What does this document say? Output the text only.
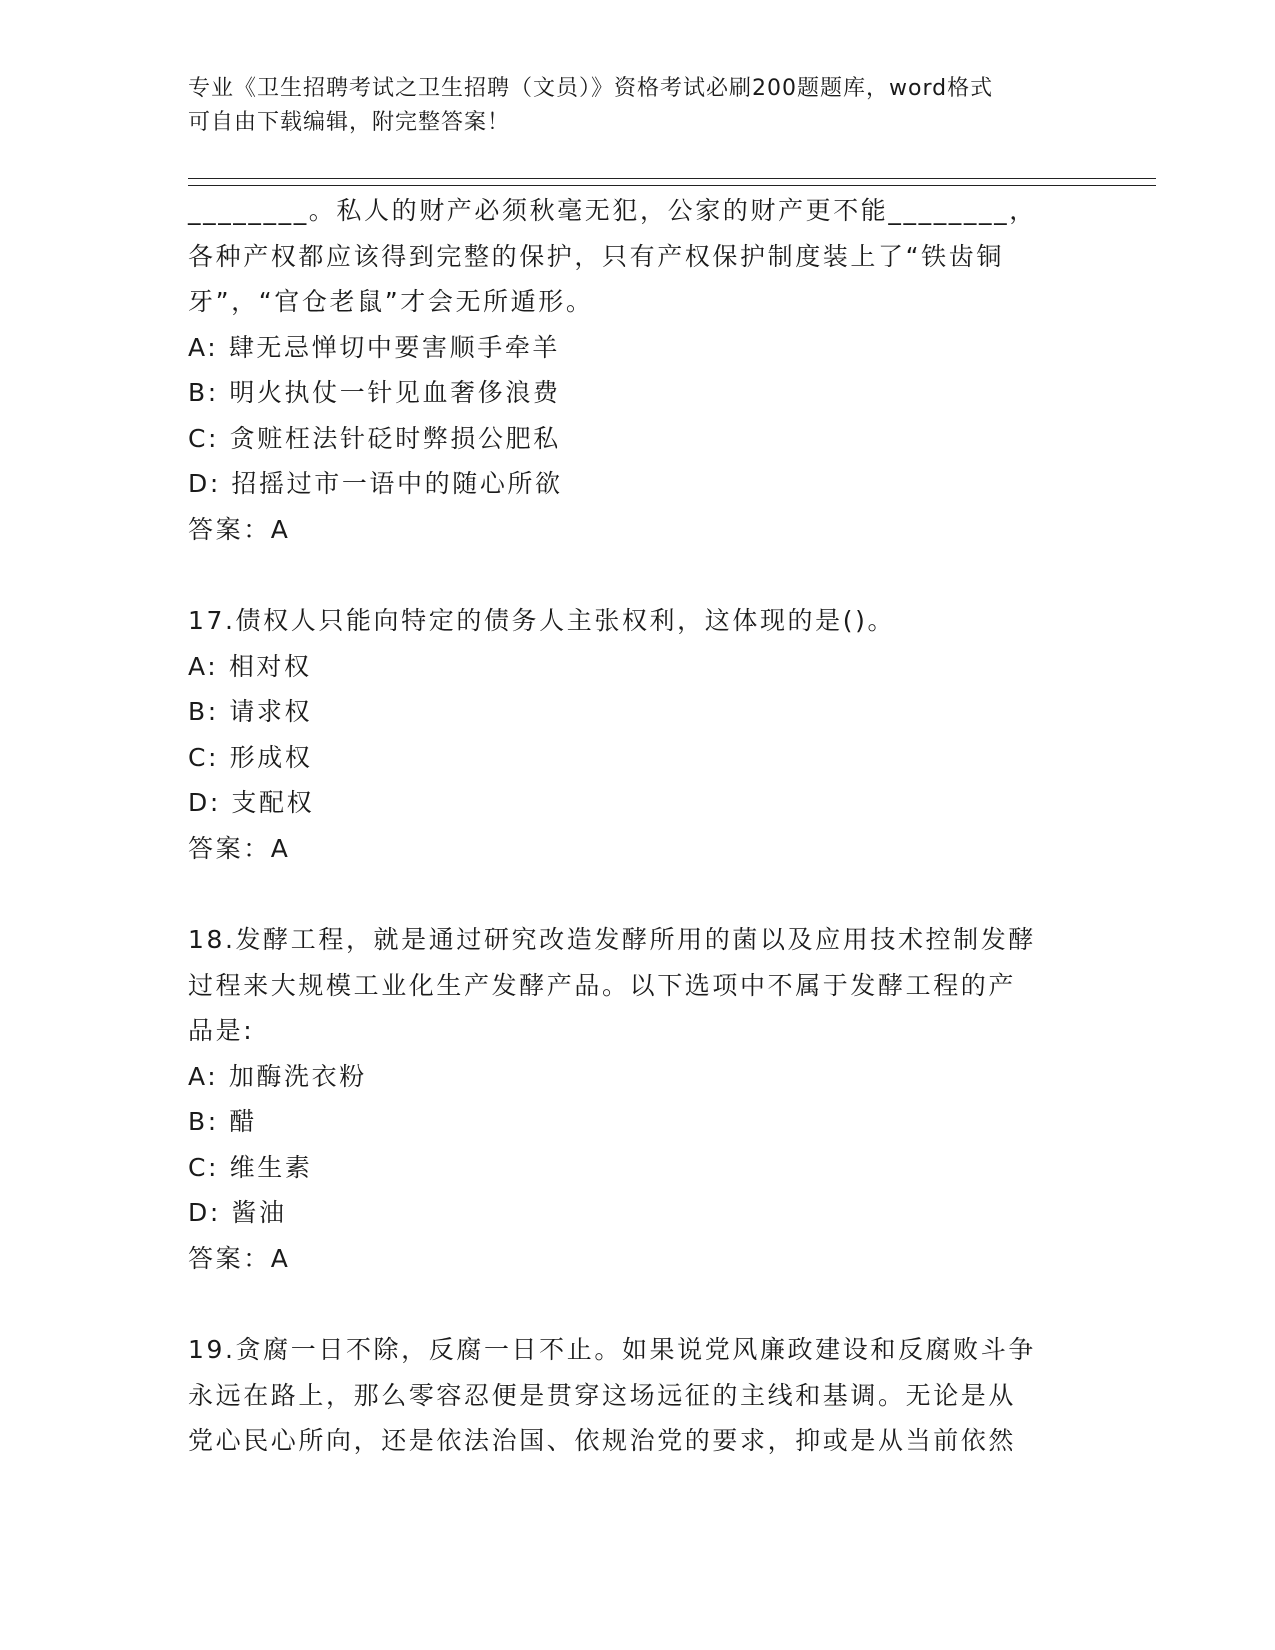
专业《卫生招聘考试之卫生招聘（文员）》资格考试必刷200题题库，word格式
可自由下载编辑，附完整答案！
________。私人的财产必须秋毫无犯，公家的财产更不能________，
各种产权都应该得到完整的保护，只有产权保护制度装上了“铁齿铜
牙”，“官仓老鼠”才会无所遁形。
A: 肆无忌惮切中要害顺手牵羊
B: 明火执仗一针见血奢侈浪费
C: 贪赃枉法针砭时弊损公肥私
D: 招摇过市一语中的随心所欲
答案：A
17.债权人只能向特定的债务人主张权利，这体现的是()。
A: 相对权
B: 请求权
C: 形成权
D: 支配权
答案：A
18.发酵工程，就是通过研究改造发酵所用的菌以及应用技术控制发酵
过程来大规模工业化生产发酵产品。以下选项中不属于发酵工程的产
品是:
A: 加酶洗衣粉
B: 醋
C: 维生素
D: 酱油
答案：A
19.贪腐一日不除，反腐一日不止。如果说党风廉政建设和反腐败斗争
永远在路上，那么零容忍便是贯穿这场远征的主线和基调。无论是从
党心民心所向，还是依法治国、依规治党的要求，抑或是从当前依然
